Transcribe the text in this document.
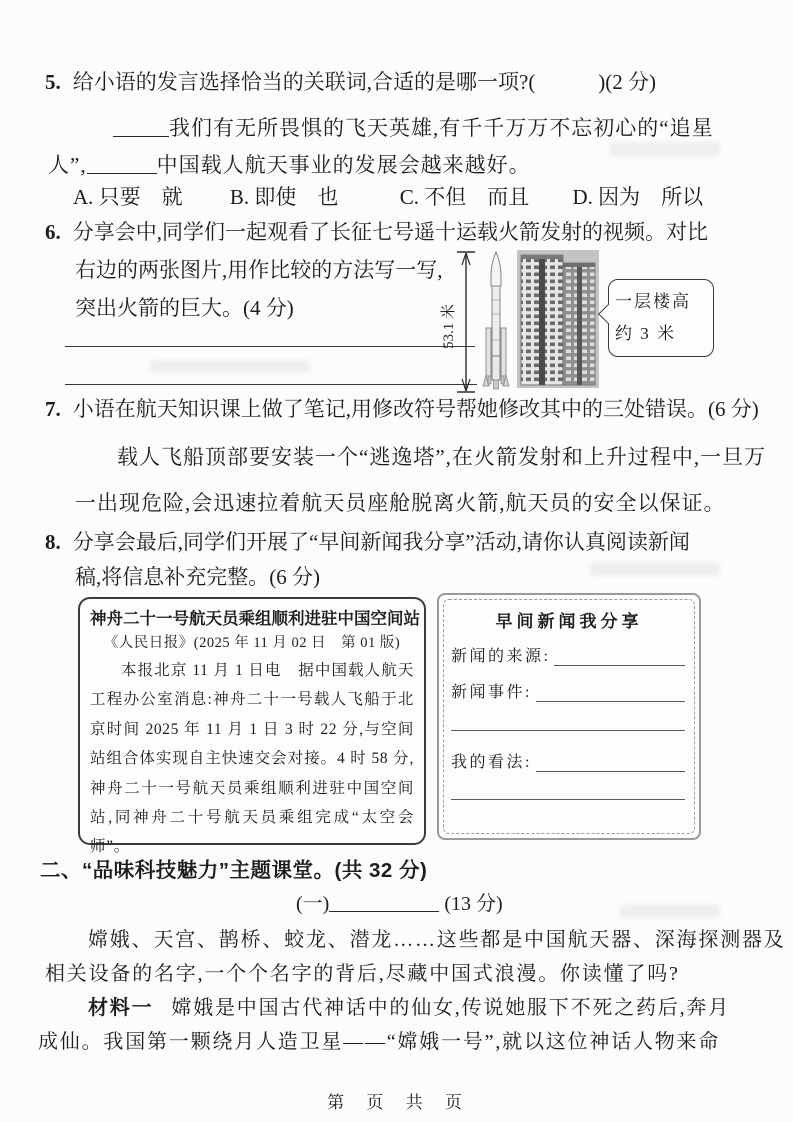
5. 给小语的发言选择恰当的关联词,合适的是哪一项?(　　　)(2 分)
我们有无所畏惧的飞天英雄,有千千万万不忘初心的“追星
人”,	中国载人航天事业的发展会越来越好。
A. 只要　就 B. 即使　也	C. 不但　而且 D. 因为　所以
6. 分享会中,同学们一起观看了长征七号遥十运载火箭发射的视频。对比
右边的两张图片,用作比较的方法写一写,
突出火箭的巨大。(4 分)	53.1 米
一层楼高
约 3 米
7. 小语在航天知识课上做了笔记,用修改符号帮她修改其中的三处错误。(6 分)
载人飞船顶部要安装一个“逃逸塔”,在火箭发射和上升过程中,一旦万
一出现危险,会迅速拉着航天员座舱脱离火箭,航天员的安全以保证。
8. 分享会最后,同学们开展了“早间新闻我分享”活动,请你认真阅读新闻
稿,将信息补充完整。(6 分)
神舟二十一号航天员乘组顺利进驻中国空间站
《人民日报》(2025 年 11 月 02 日　第 01 版)
本报北京 11 月 1 日电　据中国载人航天工程办公室消息:神舟二十一号载人飞船于北京时间 2025 年 11 月 1 日 3 时 22 分,与空间站组合体实现自主快速交会对接。4 时 58 分,神舟二十一号航天员乘组顺利进驻中国空间站,同神舟二十号航天员乘组完成“太空会师”。
早间新闻我分享
新闻的来源:
新闻事件:
我的看法:
二、“品味科技魅力”主题课堂。(共 32 分)
(一)	(13 分)
嫦娥、天宫、鹊桥、蛟龙、潜龙……这些都是中国航天器、深海探测器及
相关设备的名字,一个个名字的背后,尽藏中国式浪漫。你读懂了吗?
材料一 嫦娥是中国古代神话中的仙女,传说她服下不死之药后,奔月
成仙。我国第一颗绕月人造卫星——“嫦娥一号”,就以这位神话人物来命
第 页 共 页
